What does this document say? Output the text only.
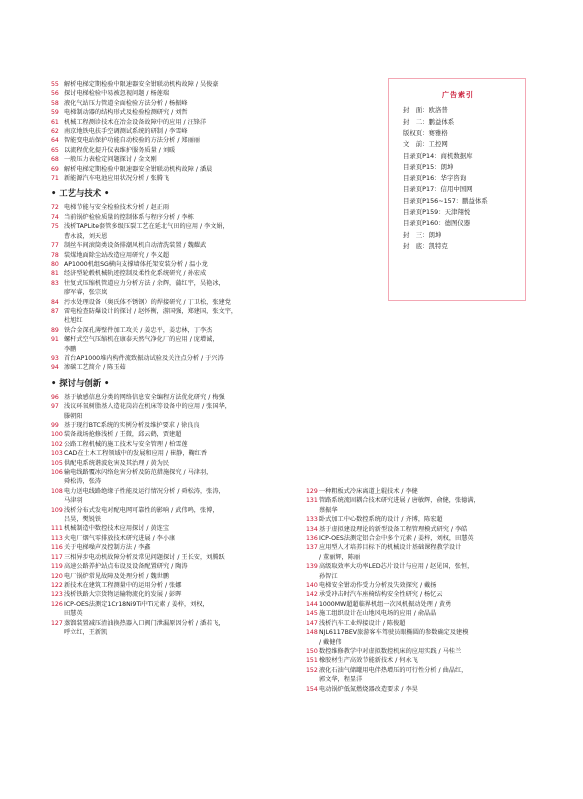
55 解析电梯定期检验中限速器安全钳联动机构故障 / 吴俊豪
56 探讨电梯检验中易被忽视问题 / 杨莲瑞
58 液化气站压力管道全面检验方法分析 / 杨振峰
59 电梯制动器的结构形式及检验检测研究 / 刘哲
61 机械工程测诊技术在冶金设备故障中的应用 / 汪锋洋
62 南京地铁电扶手空调测试系统的研制 / 李雪峰
64 智能变电站保护功能自动校验的方法分析 / 郑丽丽
65 以流程优化提升仪表维护服务质量 / 刘暖
68 一般压力表检定问题探讨 / 金文刚
69 解析电梯定期检验中限速器安全钳联动机构故障 / 潘晨
71 新能源汽车电池应用状况分析 / 张腾飞
• 工艺与技术 •
72 电梯节能与安全检验技术分析 / 赵正雨
74 当前锅炉检验质量的控制体系与程序分析 / 李栋
75 浅析TAPLite套管多级压裂工艺在延北气田的应用 / 李文娟，
曹永波，刘天恩
77 制丝车间滚筒类设备排潮风机自动清洗装置 / 魏耀武
78 装煤地面除尘站改造应用研究 / 李义超
80 AP1000机组SG横向支撑墙体托架安装分析 / 温小龙
81 经济型轮毂机械轨迹控制及柔性化系统研究 / 孙宏成
83 往复式压缩机管道应力分析方法 / 余辉，蒲红宇，吴艳冰，
廖军睿，张宗岚
84 污水处理设备（奥氏体不锈钢）的焊接研究 / 丁卫松，张建党
87 雷电检查防爆设计的探讨 / 赵怀衡，游国强，郑建国，张文宇，
杜旭红
89 铁合金深孔薄壁件加工攻关 / 姜忠平，姜忠林，丁李杰
91 螺杆式空气压缩机在康泰天然气净化厂的应用 / 庞增诚，
李鹏
93 首台AP1000堆内构件流致振动试验及关注点分析 / 于兴涛
94 渗碳工艺简介 / 陈玉茹
• 探讨与创新 •
96 基于敏感信息分类的网络信息安全编程方法优化研究 / 梅强
97 浅议环氧树脂基人造花岗岩在机床等设备中的应用 / 张国华，
滕朝阳
99 基于现行BTC系统的实例分析及维护要求 / 徐良良
100 装备战场抢修浅析 / 王微，邱云鹤，贾建超
102 公路工程机械的施工技术与安全管理 / 柏雪莲
103 CAD在土木工程领域中的发展和应用 / 崔静，鞠红香
105 供配电系统谐波危害及其治理 / 黄为民
106 输电线路覆冰闪络危害分析及防范措施探究 / 马津羽，
舜松涛，张涛
108 电力送电线路绝缘子性能及运行情况分析 / 舜松涛，张涛，
马津羽
109 浅析分布式发电对配电网可靠性的影响 / 武伟鸣，张博，
吕昊，樊锐铁
111 机械制造中数控技术应用探讨 / 黄连宝
113 火电厂烟气零排放技术研究进展 / 李小康
116 关于电梯噪声及控制方法 / 李鑫
117 三相异步电动机故障分析及常见问题探讨 / 王长安，刘腾跃
119 高速公路养护站点布设及设备配置研究 / 陶涛
120 电厂锅炉常见故障及处理分析 / 魏世鹏
122 新技术在建筑工程测量中的运用分析 / 张娜
123 浅析铁路大宗货物运输物流化的发展 / 彭晖
126 ICP-OES法测定1Cr18Ni9Ti中Ti元素 / 姜梓，刘权，
田慧英
127 蒸馏装置减压渣油换热器入口阀门泄漏原因分析 / 潘若飞，
呼立红，王新凯
129 一种粗板式冷床离道上辊技术 / 李健
131 管路系统流固耦合技术研究进展 / 唐敏辉，俞健，张德满，
蔡振华
133 卧式加工中心数控系统的设计 / 齐博，陈宏超
134 基于虚拟建设理论的新型设备工程管理模式研究 / 李皓
136 ICP-OES法测定铝合金中多个元素 / 姜梓，刘权，田慧英
137 应用型人才培养目标下的机械设计基础课程教学设计
/ 董丽辉，陈丽
139 高级取效率大功率LED芯片设计与应用 / 赵见国，张恒，
孙智江
140 电梯安全钳动作受力分析及失效探究 / 戴扬
142 承受冲击时汽车座椅结构安全性研究 / 杨忆云
144 1000MW超超临界机组一次风机振动处理 / 黄勇
145 施工组织设计在山地风电场的应用 / 俞晶晶
147 浅析汽车工业焊接设计 / 陈俊超
148 NJL6117BEV旅游客车驾驶员眼椭圆的参数确定及建模
/ 戴健伟
150 数控维修教学中对虚拟数控机床的应用实践 / 马桂兰
151 橡胶材生产高效节能新技术 / 何永飞
152 液化石油气储罐用电伴热增压的可行性分析 / 曲晶红，
郭文华，程显洋
154 电动锅炉低氮燃烧器改造要求 / 李昊
广告索引
封　面：欧洛普
封　二：鹏益体系
版权页：赛雅格
文　前：工控网
目录页P14：商机数据库
目录页P15：朗坤
目录页P16：华宇咨询
目录页P17：信用中国网
目录页P156~157：鹏益体系
目录页P159：天津翔悦
目录页P160：德图仪器
封　三：朗坤
封　底：凯特克
